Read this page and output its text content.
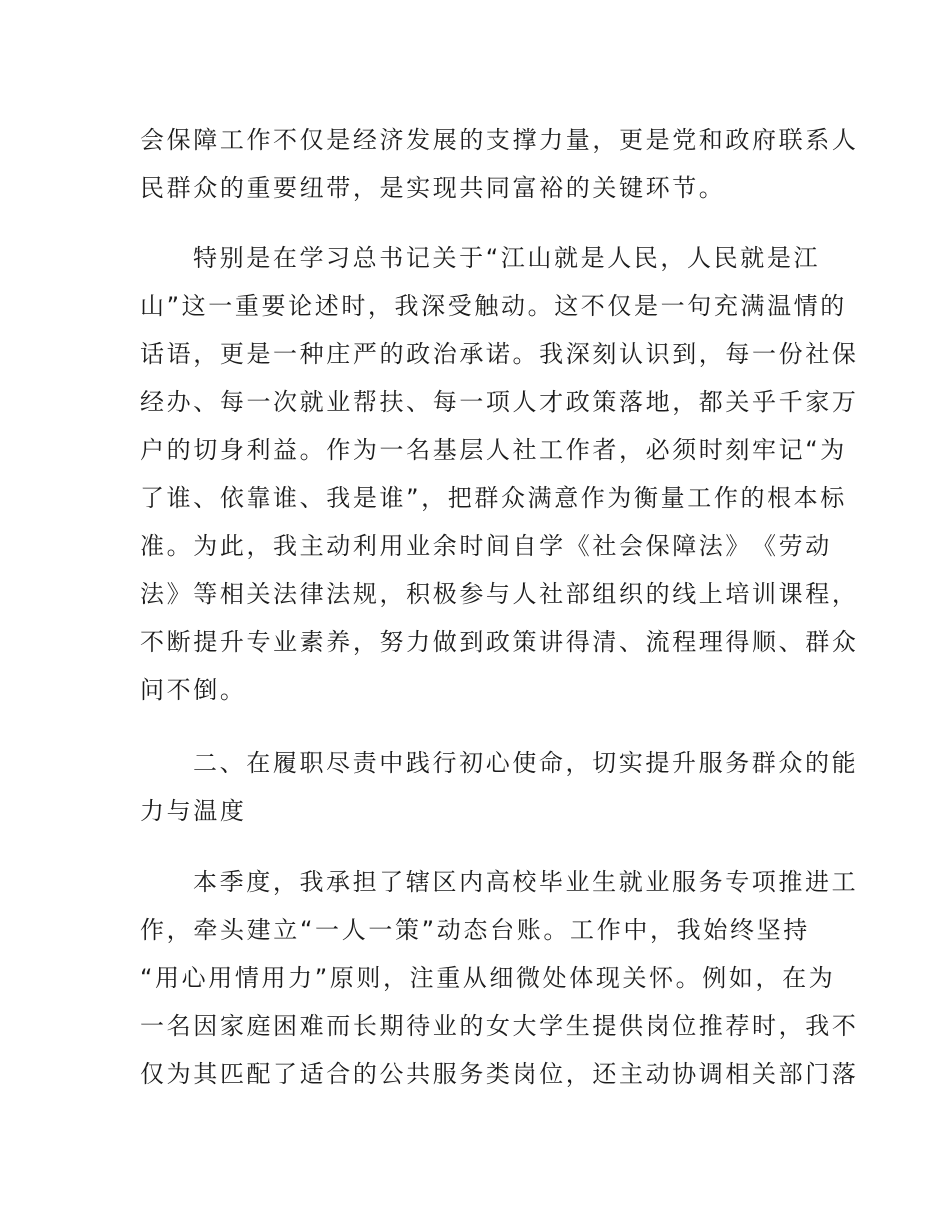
会 保 障 工 作 不 仅 是 经 济 发 展 的 支 撑 力 量 ， 更 是 党 和 政 府 联 系 人
民 群 众 的 重 要 纽 带 ， 是 实 现 共 同 富 裕 的 关 键 环 节 。
特 别 是 在 学 习 总 书 记 关 于 “ 江 山 就 是 人 民 ， 人 民 就 是 江
山 ” 这 一 重 要 论 述 时 ， 我 深 受 触 动 。 这 不 仅 是 一 句 充 满 温 情 的
话 语 ， 更 是 一 种 庄 严 的 政 治 承 诺 。 我 深 刻 认 识 到 ， 每 一 份 社 保
经 办 、 每 一 次 就 业 帮 扶 、 每 一 项 人 才 政 策 落 地 ， 都 关 乎 千 家 万
户 的 切 身 利 益 。 作 为 一 名 基 层 人 社 工 作 者 ， 必 须 时 刻 牢 记 “ 为
了 谁 、 依 靠 谁 、 我 是 谁 ” ， 把 群 众 满 意 作 为 衡 量 工 作 的 根 本 标
准 。 为 此 ， 我 主 动 利 用 业 余 时 间 自 学 《 社 会 保 障 法 》 《 劳 动
法 》 等 相 关 法 律 法 规 ， 积 极 参 与 人 社 部 组 织 的 线 上 培 训 课 程 ，
不 断 提 升 专 业 素 养 ， 努 力 做 到 政 策 讲 得 清 、 流 程 理 得 顺 、 群 众
问 不 倒 。
二 、 在 履 职 尽 责 中 践 行 初 心 使 命 ， 切 实 提 升 服 务 群 众 的 能
力 与 温 度
本 季 度 ， 我 承 担 了 辖 区 内 高 校 毕 业 生 就 业 服 务 专 项 推 进 工
作 ， 牵 头 建 立 “ 一 人 一 策 ” 动 态 台 账 。 工 作 中 ， 我 始 终 坚 持
“ 用 心 用 情 用 力 ” 原 则 ， 注 重 从 细 微 处 体 现 关 怀 。 例 如 ， 在 为
一 名 因 家 庭 困 难 而 长 期 待 业 的 女 大 学 生 提 供 岗 位 推 荐 时 ， 我 不
仅 为 其 匹 配 了 适 合 的 公 共 服 务 类 岗 位 ， 还 主 动 协 调 相 关 部 门 落
